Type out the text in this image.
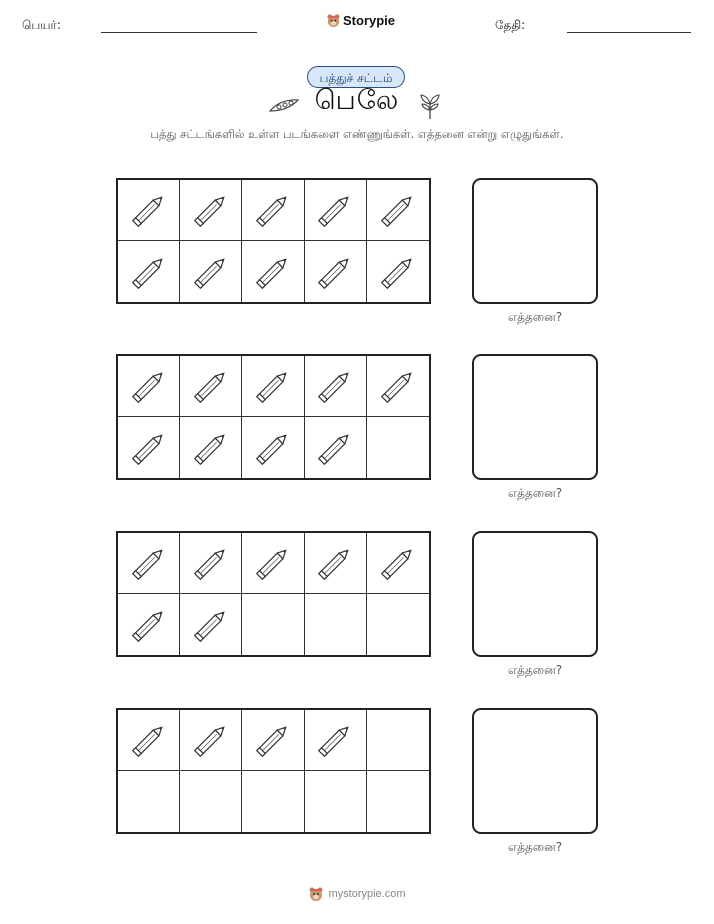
பெயர்:	Storypie	தேதி:
பத்துச் சட்டம்
பெலே
பத்து சட்டங்களில் உள்ள படங்களை எண்ணுங்கள். எத்தனை என்று எழுதுங்கள்.
எத்தனை?
எத்தனை?
எத்தனை?
எத்தனை?
mystorypie.com
